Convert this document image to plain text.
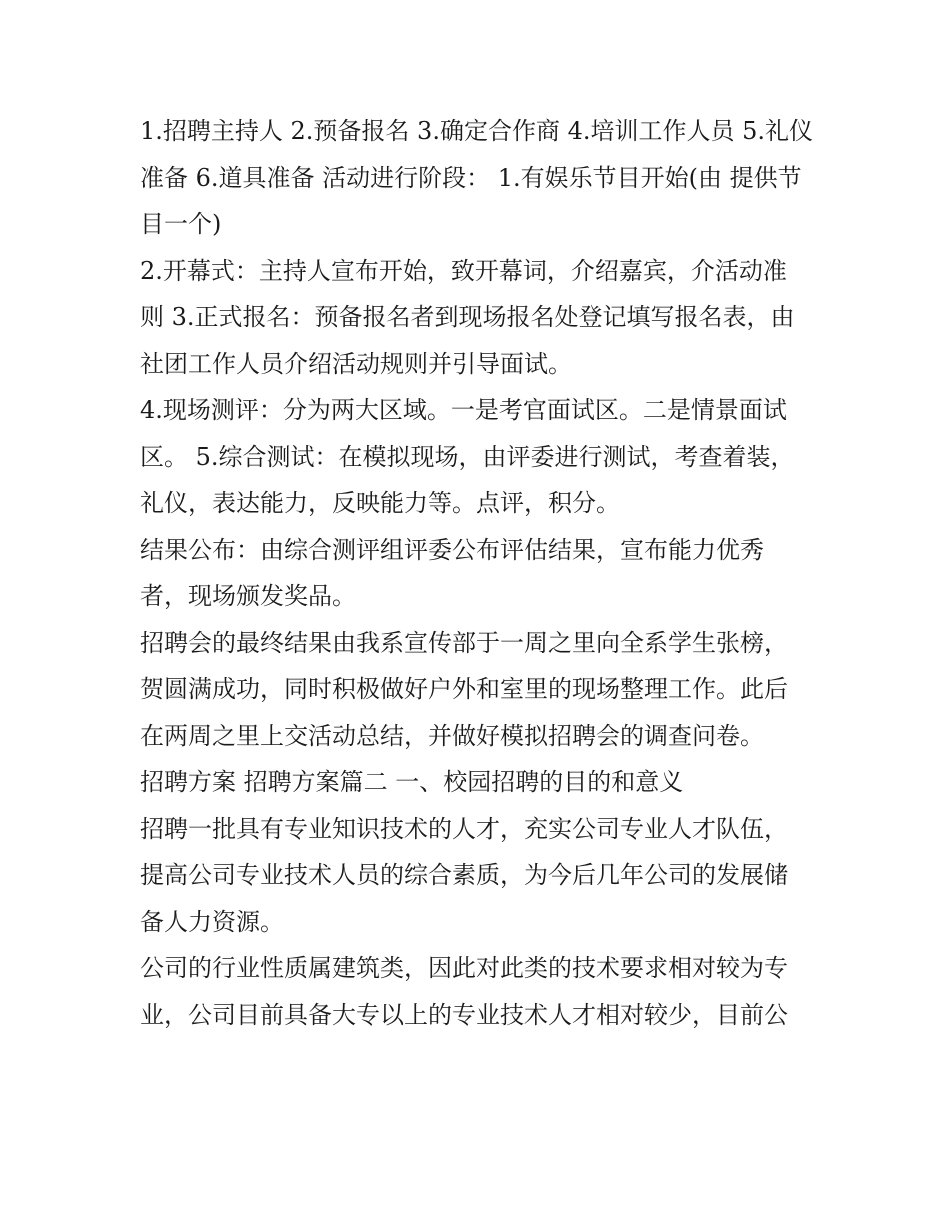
1.招聘主持人 2.预备报名 3.确定合作商 4.培训工作人员 5.礼仪
准备 6.道具准备 活动进行阶段： 1.有娱乐节目开始(由 提供节
目一个)

2.开幕式：主持人宣布开始，致开幕词，介绍嘉宾，介活动准
则 3.正式报名：预备报名者到现场报名处登记填写报名表，由
社团工作人员介绍活动规则并引导面试。

4.现场测评：分为两大区域。一是考官面试区。二是情景面试
区。 5.综合测试：在模拟现场，由评委进行测试，考查着装，
礼仪，表达能力，反映能力等。点评，积分。

结果公布：由综合测评组评委公布评估结果，宣布能力优秀
者，现场颁发奖品。

招聘会的最终结果由我系宣传部于一周之里向全系学生张榜，
贺圆满成功，同时积极做好户外和室里的现场整理工作。此后
在两周之里上交活动总结，并做好模拟招聘会的调查问卷。

招聘方案 招聘方案篇二 一、校园招聘的目的和意义

招聘一批具有专业知识技术的人才，充实公司专业人才队伍，
提高公司专业技术人员的综合素质，为今后几年公司的发展储
备人力资源。

公司的行业性质属建筑类，因此对此类的技术要求相对较为专
业，公司目前具备大专以上的专业技术人才相对较少，目前公
